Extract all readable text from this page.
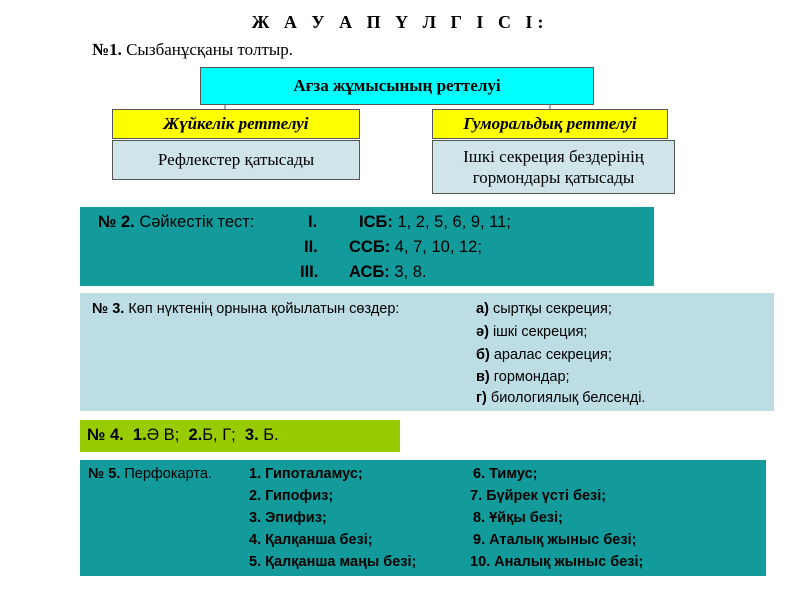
Ж А У А П Ү Л Г І С І:
№1. Сызбанұсқаны толтыр.
Ағза жұмысының реттелуі
Жүйкелік реттелуі	Гуморальдық реттелуі
Рефлекстер қатысады	Ішкі секреция бездерінің
гормондары қатысады
№ 2. Сәйкестік тест:	І.	ІСБ: 1, 2, 5, 6, 9, 11;
ІІ. ССБ: 4, 7, 10, 12;
ІІІ. АСБ: 3, 8.
№ 3. Көп нүктенің орнына қойылатын сөздер:	а) сыртқы секреция;
ә) ішкі секреция;
б) аралас секреция;
в) гормондар;
г) биологиялық белсенді.
№ 4. 1.Ә В; 2.Б, Г; 3. Б.
№ 5. Перфокарта.	1. Гипоталамус;
2. Гипофиз;
3. Эпифиз;
4. Қалқанша безі;
5. Қалқанша маңы безі;
6. Тимус;
7. Бүйрек үсті безі;
8. Ұйқы безі;
9. Аталық жыныс безі;
10. Аналық жыныс безі;
